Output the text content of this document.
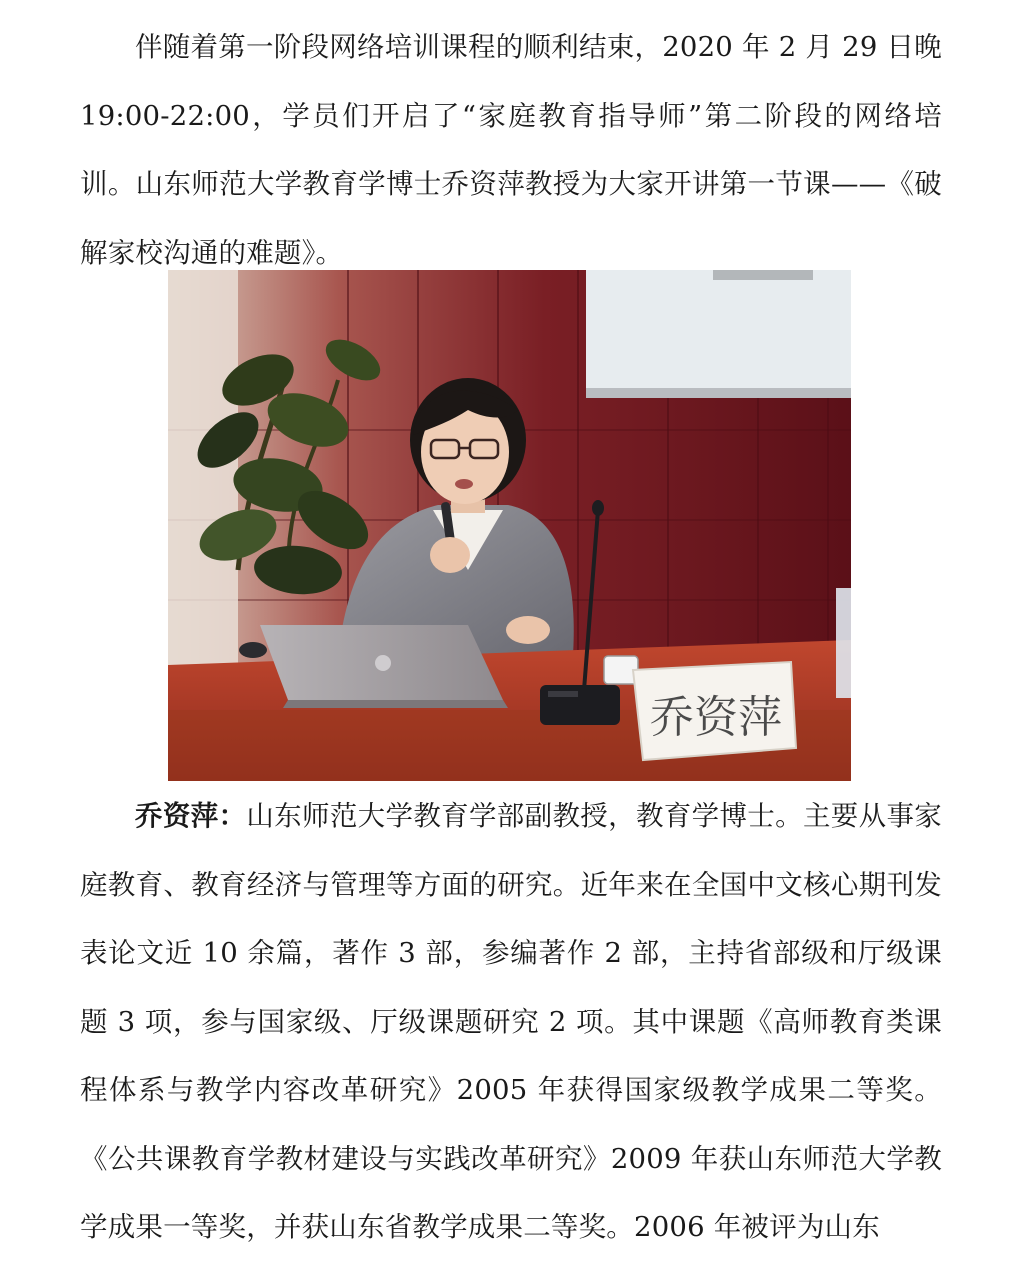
伴随着第一阶段网络培训课程的顺利结束，2020 年 2 月 29 日晚 19:00-22:00，学员们开启了“家庭教育指导师”第二阶段的网络培训。山东师范大学教育学博士乔资萍教授为大家开讲第一节课——《破解家校沟通的难题》。

乔资萍

乔资萍：山东师范大学教育学部副教授，教育学博士。主要从事家庭教育、教育经济与管理等方面的研究。近年来在全国中文核心期刊发表论文近 10 余篇，著作 3 部，参编著作 2 部，主持省部级和厅级课题 3 项，参与国家级、厅级课题研究 2 项。其中课题《高师教育类课程体系与教学内容改革研究》2005 年获得国家级教学成果二等奖。《公共课教育学教材建设与实践改革研究》2009 年获山东师范大学教学成果一等奖，并获山东省教学成果二等奖。2006 年被评为山东
